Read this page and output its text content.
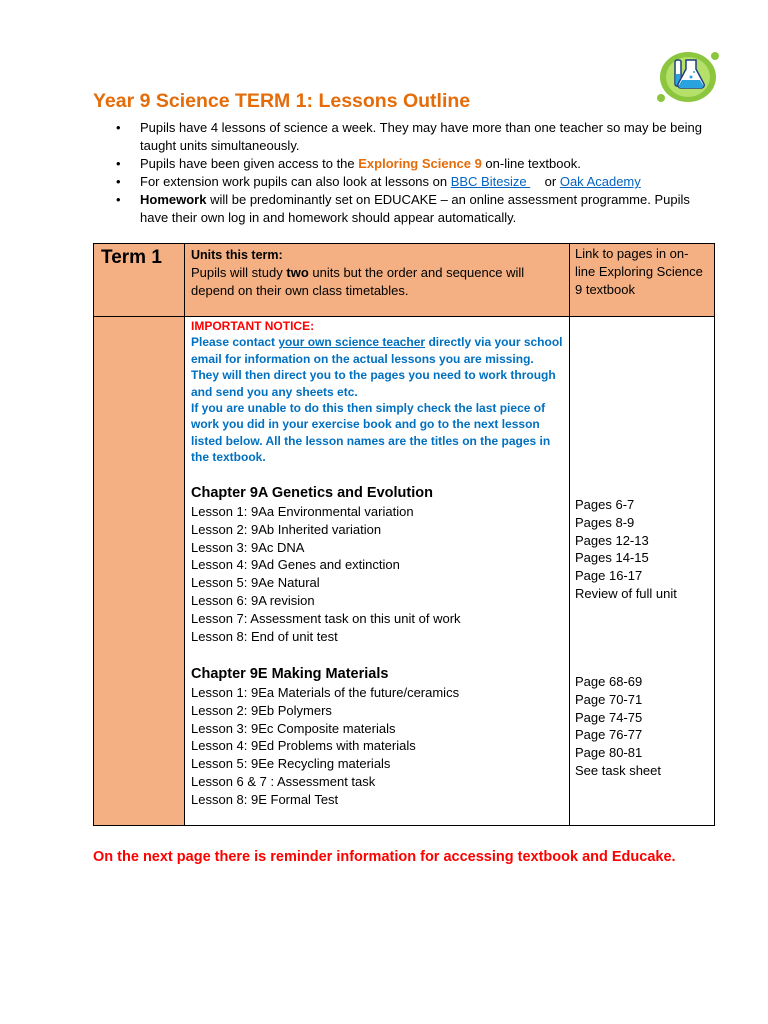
Year 9 Science TERM 1: Lessons Outline
• Pupils have 4 lessons of science a week. They may have more than one teacher so may be being taught units simultaneously.
• Pupils have been given access to the Exploring Science 9 on-line textbook.
• For extension work pupils can also look at lessons on BBC Bitesize     or Oak Academy
• Homework will be predominantly set on EDUCAKE – an online assessment programme. Pupils have their own log in and homework should appear automatically.
Term 1 Units this term:
Pupils will study two units but the order and sequence will depend on their own class timetables.
Link to pages in on-line Exploring Science 9 textbook
IMPORTANT NOTICE:
Please contact your own science teacher directly via your school email for information on the actual lessons you are missing. They will then direct you to the pages you need to work through and send you any sheets etc.
If you are unable to do this then simply check the last piece of work you did in your exercise book and go to the next lesson listed below. All the lesson names are the titles on the pages in the textbook.
Chapter 9A Genetics and Evolution
Lesson 1: 9Aa Environmental variation
Lesson 2: 9Ab Inherited variation
Lesson 3: 9Ac DNA
Lesson 4: 9Ad Genes and extinction
Lesson 5: 9Ae Natural
Lesson 6: 9A revision
Lesson 7: Assessment task on this unit of work
Lesson 8: End of unit test
Pages 6-7
Pages 8-9
Pages 12-13
Pages 14-15
Page 16-17
Review of full unit
Chapter 9E Making Materials
Lesson 1: 9Ea Materials of the future/ceramics
Lesson 2: 9Eb Polymers
Lesson 3: 9Ec Composite materials
Lesson 4: 9Ed Problems with materials
Lesson 5: 9Ee Recycling materials
Lesson 6 & 7 : Assessment task
Lesson 8: 9E Formal Test
Page 68-69
Page 70-71
Page 74-75
Page 76-77
Page 80-81
See task sheet
On the next page there is reminder information for accessing textbook and Educake.
